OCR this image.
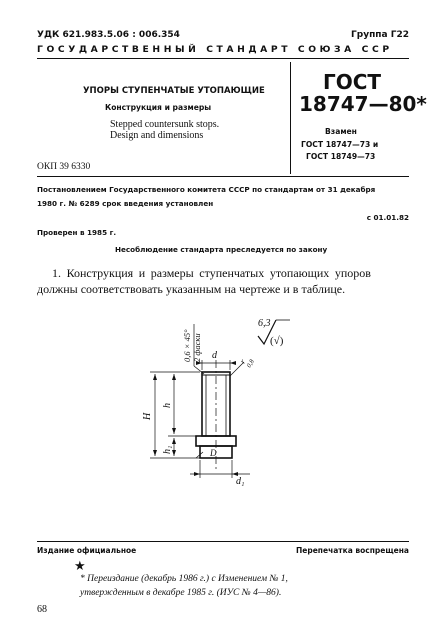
УДК 621.983.5.06 : 006.354	Группа Г22
ГОСУДАРСТВЕННЫЙ СТАНДАРТ СОЮЗА ССР
УПОРЫ СТУПЕНЧАТЫЕ УТОПАЮЩИЕ
Конструкция и размеры
Stepped countersunk stops.
Design and dimensions
ГОСТ
18747—80*
Взамен
ГОСТ 18747—73 и
ГОСТ 18749—73
ОКП 39 6330
Постановлением Государственного комитета СССР по стандартам от 31 декабря
1980 г. № 6289 срок введения установлен
с 01.01.82
Проверен в 1985 г.
Несоблюдение стандарта преследуется по закону
1. Конструкция и размеры ступенчатых утопающих упоров
должны соответствовать указанным на чертеже и в таблице.
0,6 × 45° 2 фаски d
H
h
h₁	D
d₁
r
0,8
6,3
(√)
Издание официальное	Перепечатка воспрещена
★
* Переиздание (декабрь 1986 г.) с Изменением № 1,
утвержденным в декабре 1985 г. (ИУС № 4—86).
68
